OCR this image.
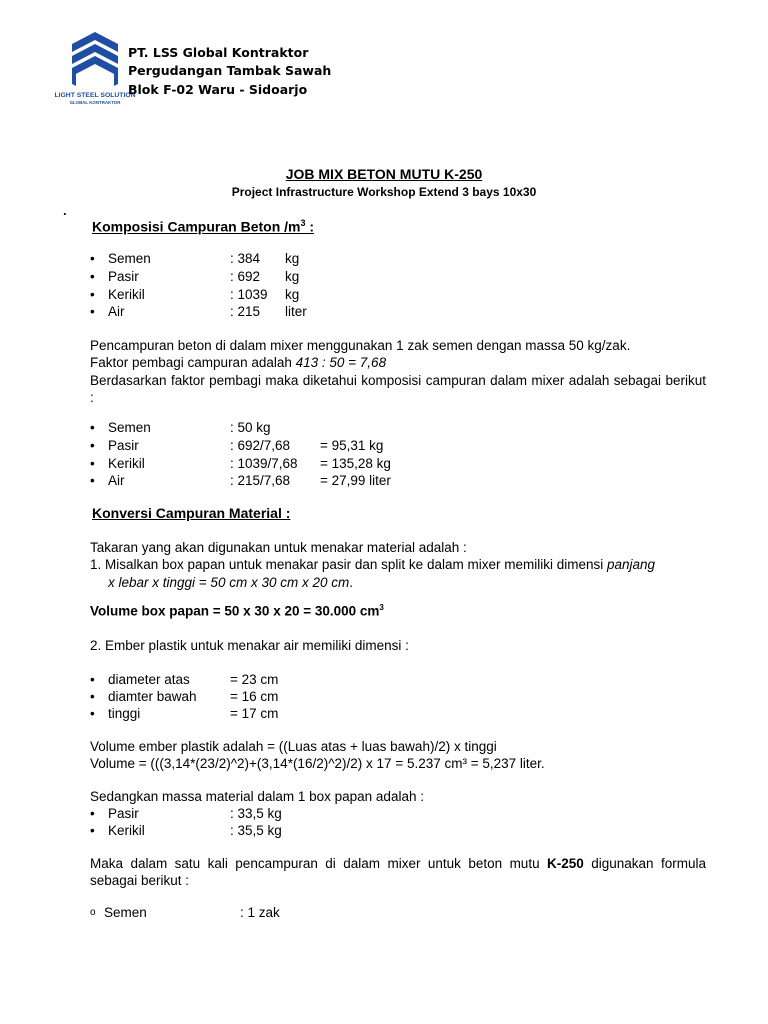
LIGHT STEEL SOLUTION
GLOBAL KONTRAKTOR
PT. LSS Global Kontraktor
Pergudangan Tambak Sawah
Blok F-02 Waru - Sidoarjo
JOB MIX BETON MUTU K-250
Project Infrastructure Workshop Extend 3 bays 10x30
.
Komposisi Campuran Beton $/m^3$ :
• Semen	: 384 kg
• Pasir	: 692 kg
• Kerikil	: 1039 kg
• Air	: 215 liter
Pencampuran beton di dalam mixer menggunakan 1 zak semen dengan massa 50 kg/zak.
Faktor pembagi campuran adalah 413 : 50 = 7,68
Berdasarkan faktor pembagi maka diketahui komposisi campuran dalam mixer adalah sebagai berikut :
• Semen	: 50 kg
• Pasir	: 692/7,68 = 95,31 kg
• Kerikil	: 1039/7,68 = 135,28 kg
• Air	: 215/7,68 = 27,99 liter
Konversi Campuran Material :
Takaran yang akan digunakan untuk menakar material adalah :
1. Misalkan box papan untuk menakar pasir dan split ke dalam mixer memiliki dimensi panjang
x lebar x tinggi = 50 cm x 30 cm x 20 cm.
Volume box papan = 50 x 30 x 20 = 30.000 $cm^3$
2. Ember plastik untuk menakar air memiliki dimensi :
• diameter atas	= 23 cm
• diamter bawah = 16 cm
• tinggi	= 17 cm
Volume ember plastik adalah = ((Luas atas + luas bawah)/2) x tinggi
Volume = (((3,14*(23/2)^2)+(3,14*(16/2)^2)/2) x 17 = 5.237 cm³ = 5,237 liter.
Sedangkan massa material dalam 1 box papan adalah :
• Pasir	: 33,5 kg
• Kerikil	: 35,5 kg
Maka dalam satu kali pencampuran di dalam mixer untuk beton mutu K-250 digunakan formula sebagai berikut :
o Semen	: 1 zak
